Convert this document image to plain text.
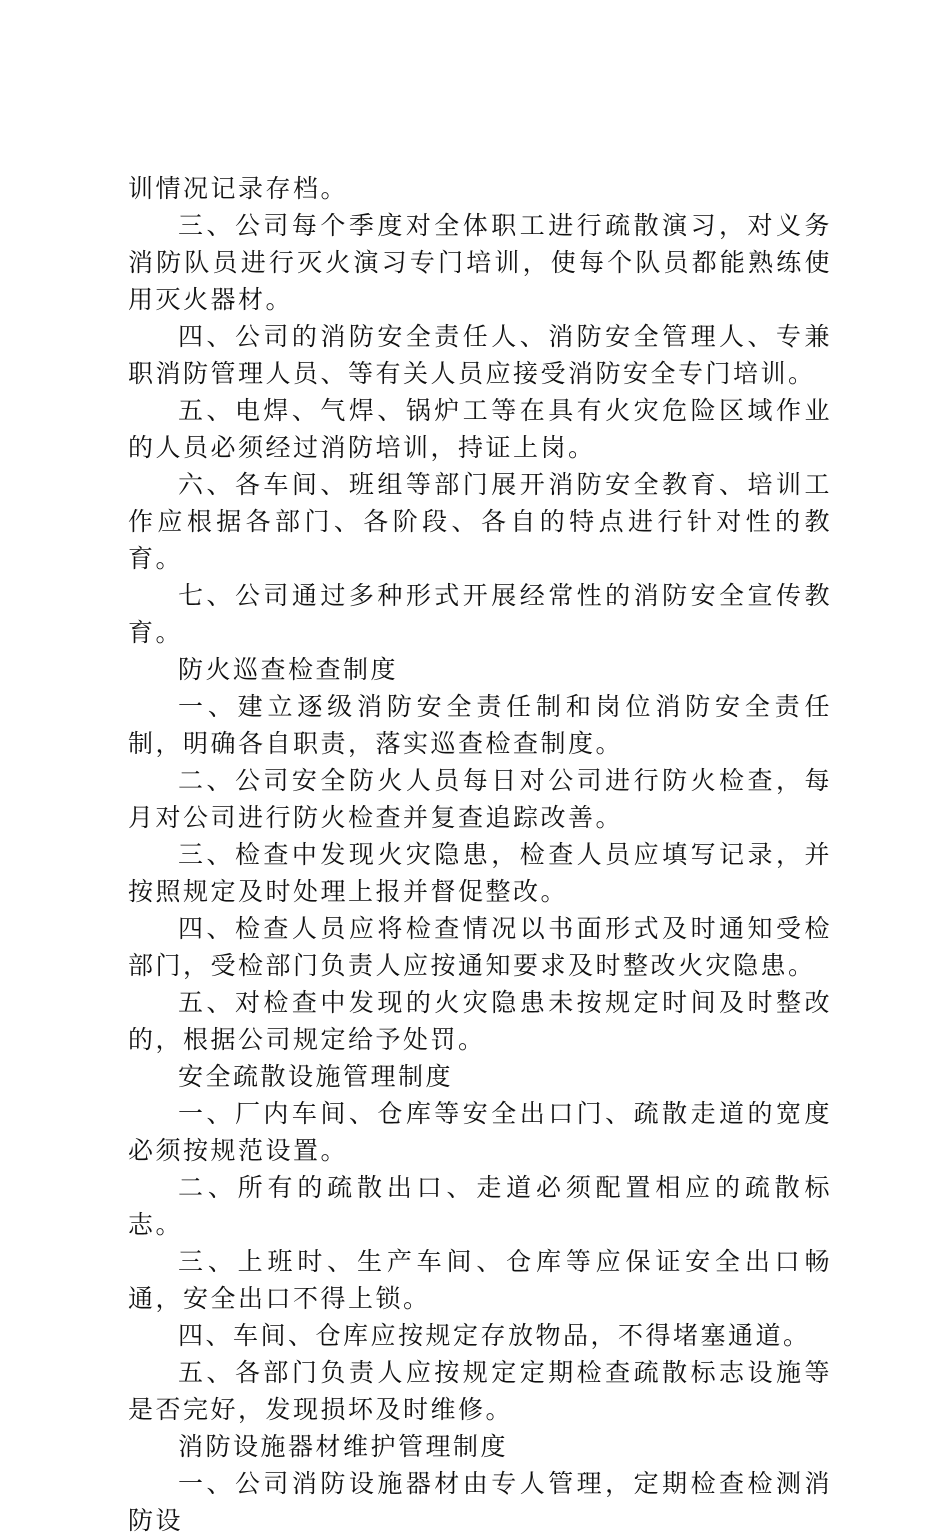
训情况记录存档。

三、公司每个季度对全体职工进行疏散演习，对义务消防队员进行灭火演习专门培训，使每个队员都能熟练使用灭火器材。

四、公司的消防安全责任人、消防安全管理人、专兼职消防管理人员、等有关人员应接受消防安全专门培训。

五、电焊、气焊、锅炉工等在具有火灾危险区域作业的人员必须经过消防培训，持证上岗。

六、各车间、班组等部门展开消防安全教育、培训工作应根据各部门、各阶段、各自的特点进行针对性的教育。

七、公司通过多种形式开展经常性的消防安全宣传教育。

防火巡查检查制度

一、建立逐级消防安全责任制和岗位消防安全责任制，明确各自职责，落实巡查检查制度。

二、公司安全防火人员每日对公司进行防火检查，每月对公司进行防火检查并复查追踪改善。

三、检查中发现火灾隐患，检查人员应填写记录，并按照规定及时处理上报并督促整改。

四、检查人员应将检查情况以书面形式及时通知受检部门，受检部门负责人应按通知要求及时整改火灾隐患。

五、对检查中发现的火灾隐患未按规定时间及时整改的，根据公司规定给予处罚。

安全疏散设施管理制度

一、厂内车间、仓库等安全出口门、疏散走道的宽度必须按规范设置。

二、所有的疏散出口、走道必须配置相应的疏散标志。

三、上班时、生产车间、仓库等应保证安全出口畅通，安全出口不得上锁。

四、车间、仓库应按规定存放物品，不得堵塞通道。

五、各部门负责人应按规定定期检查疏散标志设施等是否完好，发现损坏及时维修。

消防设施器材维护管理制度

一、公司消防设施器材由专人管理，定期检查检测消防设
